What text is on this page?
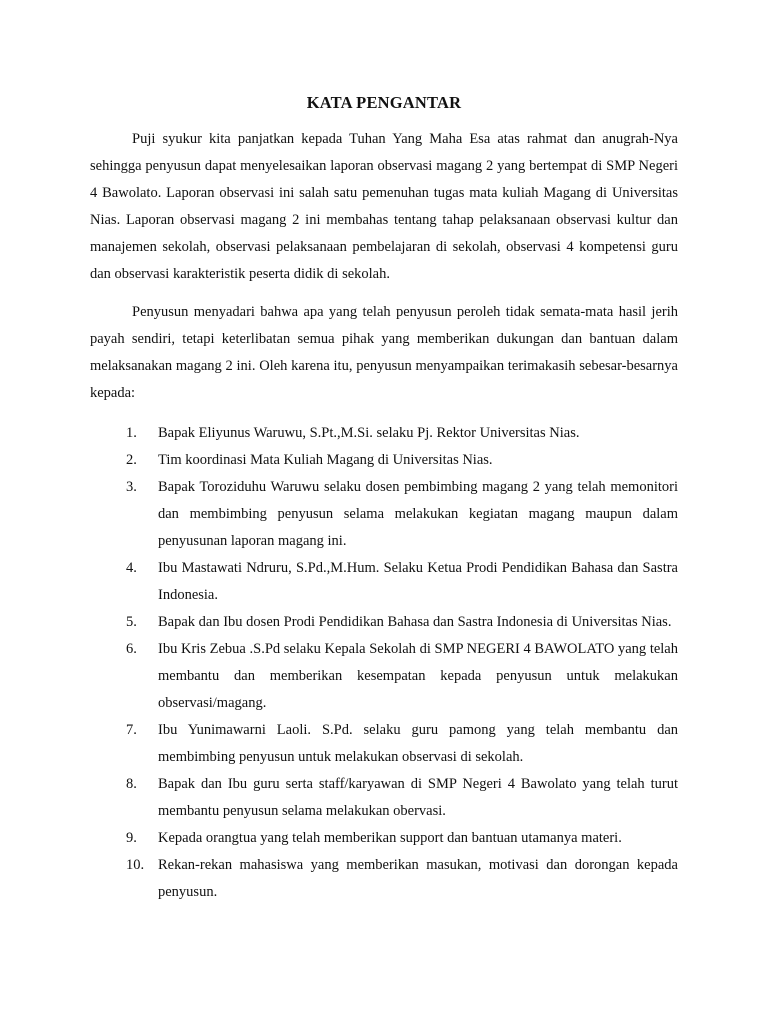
KATA PENGANTAR

Puji syukur kita panjatkan kepada Tuhan Yang Maha Esa atas rahmat dan anugrah-Nya sehingga penyusun dapat menyelesaikan laporan observasi magang 2 yang bertempat di SMP Negeri 4 Bawolato. Laporan observasi ini salah satu pemenuhan tugas mata kuliah Magang di Universitas Nias. Laporan observasi magang 2 ini membahas tentang tahap pelaksanaan observasi kultur dan manajemen sekolah, observasi pelaksanaan pembelajaran di sekolah, observasi 4 kompetensi guru dan observasi karakteristik peserta didik di sekolah.

Penyusun menyadari bahwa apa yang telah penyusun peroleh tidak semata-mata hasil jerih payah sendiri, tetapi keterlibatan semua pihak yang memberikan dukungan dan bantuan dalam melaksanakan magang 2 ini. Oleh karena itu, penyusun menyampaikan terimakasih sebesar-besarnya kepada:

1.	Bapak Eliyunus Waruwu, S.Pt.,M.Si. selaku Pj. Rektor Universitas Nias.
2.	Tim koordinasi Mata Kuliah Magang di Universitas Nias.
3.	Bapak Toroziduhu Waruwu selaku dosen pembimbing magang 2 yang telah memonitori dan membimbing penyusun selama melakukan kegiatan magang maupun dalam penyusunan laporan magang ini.
4.	Ibu Mastawati Ndruru, S.Pd.,M.Hum. Selaku Ketua Prodi Pendidikan Bahasa dan Sastra Indonesia.
5.	Bapak dan Ibu dosen Prodi Pendidikan Bahasa dan Sastra Indonesia di Universitas Nias.
6.	Ibu Kris Zebua .S.Pd selaku Kepala Sekolah di SMP NEGERI 4 BAWOLATO yang telah membantu dan memberikan kesempatan kepada penyusun untuk melakukan observasi/magang.
7.	Ibu Yunimawarni Laoli. S.Pd. selaku guru pamong yang telah membantu dan membimbing penyusun untuk melakukan observasi di sekolah.
8.	Bapak dan Ibu guru serta staff/karyawan di SMP Negeri 4 Bawolato yang telah turut membantu penyusun selama melakukan obervasi.
9.	Kepada orangtua yang telah memberikan support dan bantuan utamanya materi.
10. Rekan-rekan mahasiswa yang memberikan masukan, motivasi dan dorongan kepada penyusun.
